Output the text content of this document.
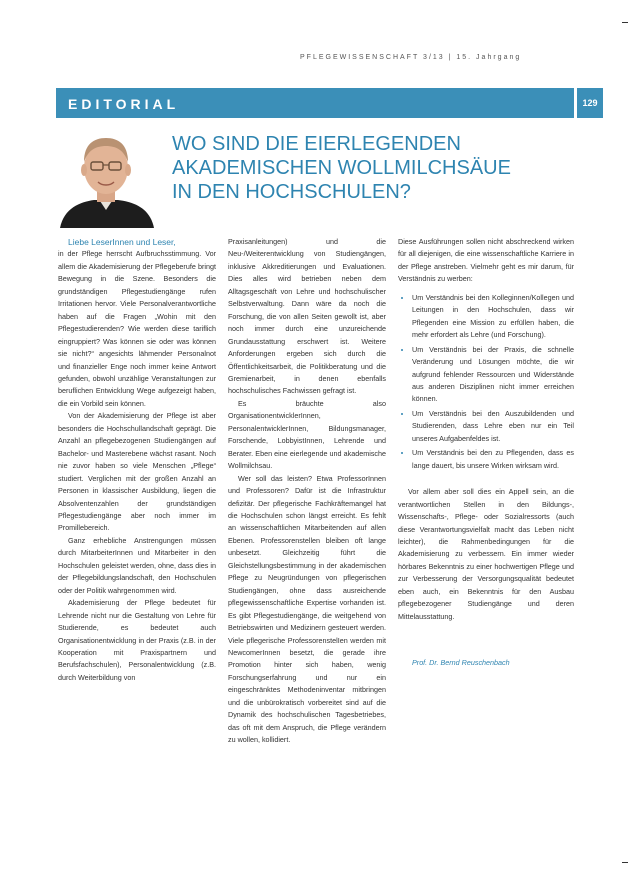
PFLEGEWISSENSCHAFT 3/13 | 15. Jahrgang
EDITORIAL	129
WO SIND DIE EIERLEGENDEN
AKADEMISCHEN WOLLMILCHSÄUE
IN DEN HOCHSCHULEN?

Liebe LeserInnen und Leser,

in der Pflege herrscht Aufbruchsstimmung. Vor allem die Akademisierung der Pflegeberufe bringt Bewegung in die Szene. Besonders die grundständigen Pflegestudiengänge rufen Irritationen hervor. Viele Personalverantwortliche haben auf die Fragen „Wohin mit den Pflegestudierenden? Wie werden diese tariflich eingruppiert? Was können sie oder was können sie nicht?“ angesichts lähmender Personalnot und finanzieller Enge noch immer keine Antwort gefunden, obwohl unzählige Veranstaltungen zur beruflichen Entwicklung Wege aufgezeigt haben, die ein Vorbild sein können.

Von der Akademisierung der Pflege ist aber besonders die Hochschullandschaft geprägt. Die Anzahl an pflegebezogenen Studiengängen auf Bachelor- und Masterebene wächst rasant. Noch nie zuvor haben so viele Menschen „Pflege“ studiert. Verglichen mit der großen Anzahl an Personen in klassischer Ausbildung, liegen die Absolventenzahlen der grundständigen Pflegestudiengänge aber noch immer im Promillebereich.

Ganz erhebliche Anstrengungen müssen durch MitarbeiterInnen und Mitarbeiter in den Hochschulen geleistet werden, ohne, dass dies in der Pflegebildungslandschaft, den Hochschulen oder der Politik wahrgenommen wird.

Akademisierung der Pflege bedeutet für Lehrende nicht nur die Gestaltung von Lehre für Studierende, es bedeutet auch Organisationentwicklung in der Praxis (z.B. in der Kooperation mit Praxispartnern und Berufsfachschulen), Personalentwicklung (z.B. durch Weiterbildung von

Praxisanleitungen) und die Neu-/Weiterentwicklung von Studiengängen, inklusive Akkreditierungen und Evaluationen. Dies alles wird betrieben neben dem Alltagsgeschäft von Lehre und hochschulischer Selbstverwaltung. Dann wäre da noch die Forschung, die von allen Seiten gewollt ist, aber noch immer durch eine unzureichende Grundausstattung erschwert ist. Weitere Anforderungen ergeben sich durch die Öffentlichkeitsarbeit, die Politikberatung und die Gremienarbeit, in denen ebenfalls hochschulisches Fachwissen gefragt ist.

Es bräuchte also OrganisationentwicklerInnen, PersonalentwicklerInnen, Bildungsmanager, Forschende, LobbyistInnen, Lehrende und Berater. Eben eine eierlegende und akademische Wollmilchsau.

Wer soll das leisten? Etwa ProfessorInnen und Professoren? Dafür ist die Infrastruktur defizitär. Der pflegerische Fachkräftemangel hat die Hochschulen schon längst erreicht. Es fehlt an wissenschaftlichen Mitarbeitenden auf allen Ebenen. Professorenstellen bleiben oft lange unbesetzt. Gleichzeitig führt die Gleichstellungsbestimmung in der akademischen Pflege zu Neugründungen von pflegerischen Studiengängen, ohne dass ausreichende pflegewissenschaftliche Expertise vorhanden ist. Es gibt Pflegestudiengänge, die weitgehend von Betriebswirten und Medizinern gesteuert werden. Viele pflegerische ProfessorenstelIen werden mit NewcomerInnen besetzt, die gerade ihre Promotion hinter sich haben, wenig Forschungserfahrung und nur ein eingeschränktes Methodeninventar mitbringen und die unbürokratisch vorbereitet sind auf die Dynamik des hochschulischen Tagesbetriebes, das oft mit dem Anspruch, die Pflege verändern zu wollen, kollidiert.

Diese Ausführungen sollen nicht abschreckend wirken für all diejenigen, die eine wissenschaftliche Karriere in der Pflege anstreben. Vielmehr geht es mir darum, für Verständnis zu werben:

• Um Verständnis bei den Kolleginnen/Kollegen und Leitungen in den Hochschulen, dass wir Pflegenden eine Mission zu erfüllen haben, die mehr erfordert als Lehre (und Forschung).
• Um Verständnis bei der Praxis, die schnelle Veränderung und Lösungen möchte, die wir aufgrund fehlender Ressourcen und Widerstände aus anderen Disziplinen nicht immer erreichen können.
• Um Verständnis bei den Auszubildenden und Studierenden, dass Lehre eben nur ein Teil unseres Aufgabenfeldes ist.
• Um Verständnis bei den zu Pflegenden, dass es lange dauert, bis unsere Wirken wirksam wird.

Vor allem aber soll dies ein Appell sein, an die verantwortlichen Stellen in den Bildungs-, Wissenschafts-, Pflege- oder Sozialressorts (auch diese Verantwortungsvielfalt macht das Leben nicht leichter), die Rahmenbedingungen für die Akademisierung zu verbessern. Ein immer wieder hörbares Bekenntnis zu einer hochwertigen Pflege und zur Verbesserung der Versorgungsqualität bedeutet eben auch, ein Bekenntnis für den Ausbau pflegebezogener Studiengänge und deren Mittelausstattung.

Prof. Dr. Bernd Reuschenbach
